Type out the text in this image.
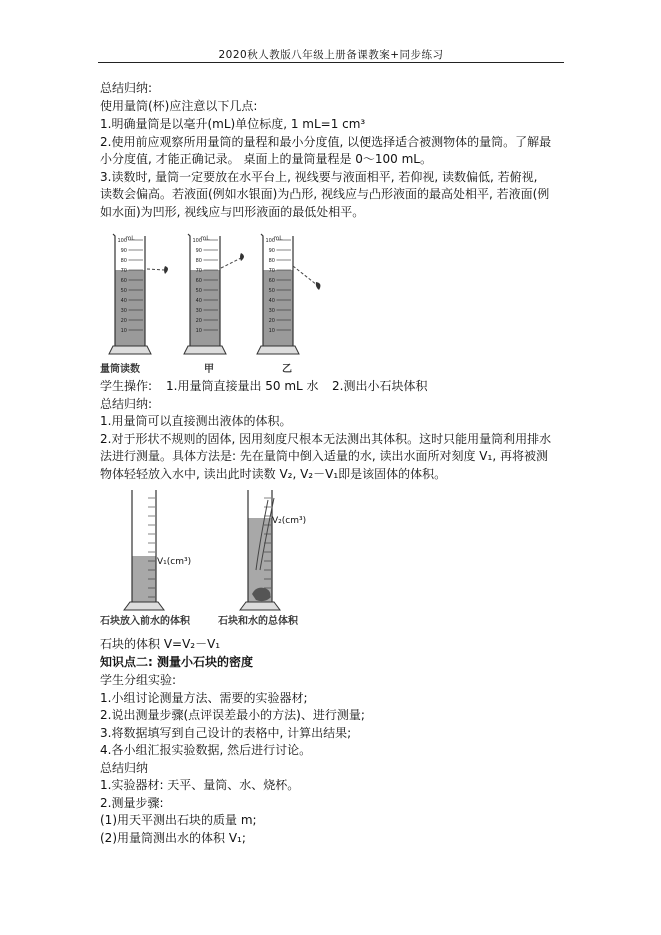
2020秋人教版八年级上册备课教案+同步练习
总结归纳:
使用量筒(杯)应注意以下几点:
1.明确量筒是以毫升(mL)单位标度, 1 mL=1 cm³
2.使用前应观察所用量筒的量程和最小分度值, 以便选择适合被测物体的量筒。了解最
小分度值, 才能正确记录。 桌面上的量筒量程是 0～100 mL。
3.读数时, 量筒一定要放在水平台上, 视线要与液面相平, 若仰视, 读数偏低, 若俯视,
读数会偏高。若液面(例如水银面)为凸形, 视线应与凸形液面的最高处相平, 若液面(例
如水面)为凹形, 视线应与凹形液面的最低处相平。
mL
100
90
80
70
60
50
40
30
20
10
mL
100
90
80
70
60
50
40
30
20
10
mL
100
90
80
70
60
50
40
30
20
10
量筒读数	甲	乙
学生操作: 1.用量筒直接量出 50 mL 水 2.测出小石块体积
总结归纳:
1.用量筒可以直接测出液体的体积。
2.对于形状不规则的固体, 因用刻度尺根本无法测出其体积。这时只能用量筒利用排水
法进行测量。具体方法是: 先在量筒中倒入适量的水, 读出水面所对刻度 V₁, 再将被测
物体轻轻放入水中, 读出此时读数 V₂, V₂－V₁即是该固体的体积。
V₁(cm³)
V₂(cm³)
石块放入前水的体积	石块和水的总体积
石块的体积 V=V₂－V₁
知识点二: 测量小石块的密度
学生分组实验:
1.小组讨论测量方法、需要的实验器材;
2.说出测量步骤(点评误差最小的方法)、进行测量;
3.将数据填写到自己设计的表格中, 计算出结果;
4.各小组汇报实验数据, 然后进行讨论。
总结归纳
1.实验器材: 天平、量筒、水、烧杯。
2.测量步骤:
(1)用天平测出石块的质量 m;
(2)用量筒测出水的体积 V₁;
